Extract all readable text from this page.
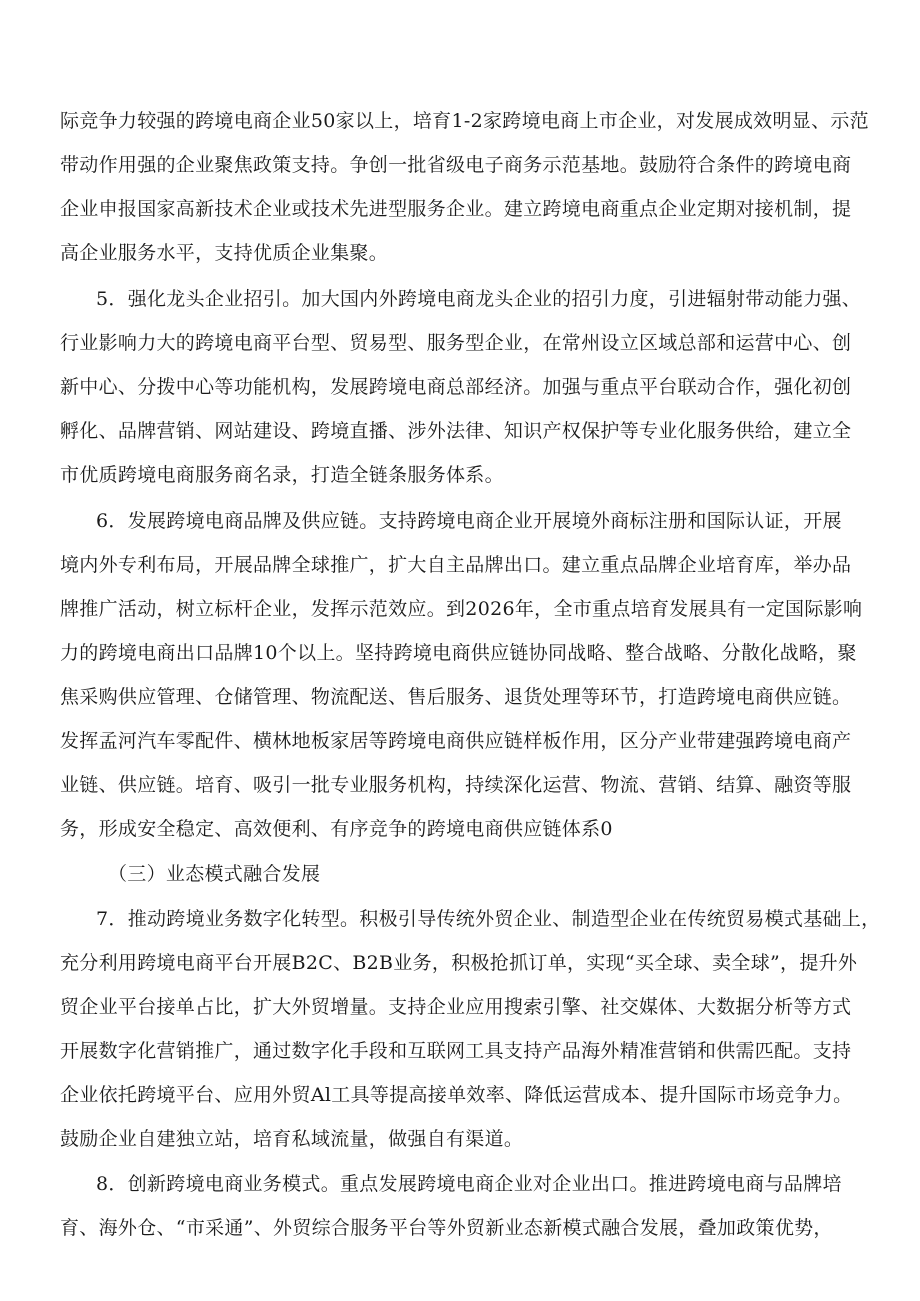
际竞争力较强的跨境电商企业50家以上，培育1-2家跨境电商上市企业，对发展成效明显、示范
带动作用强的企业聚焦政策支持。争创一批省级电子商务示范基地。鼓励符合条件的跨境电商
企业申报国家高新技术企业或技术先进型服务企业。建立跨境电商重点企业定期对接机制，提
高企业服务水平，支持优质企业集聚。
5．强化龙头企业招引。加大国内外跨境电商龙头企业的招引力度，引进辐射带动能力强、
行业影响力大的跨境电商平台型、贸易型、服务型企业，在常州设立区域总部和运营中心、创
新中心、分拨中心等功能机构，发展跨境电商总部经济。加强与重点平台联动合作，强化初创
孵化、品牌营销、网站建设、跨境直播、涉外法律、知识产权保护等专业化服务供给，建立全
市优质跨境电商服务商名录，打造全链条服务体系。
6．发展跨境电商品牌及供应链。支持跨境电商企业开展境外商标注册和国际认证，开展
境内外专利布局，开展品牌全球推广，扩大自主品牌出口。建立重点品牌企业培育库，举办品
牌推广活动，树立标杆企业，发挥示范效应。到2026年，全市重点培育发展具有一定国际影响
力的跨境电商出口品牌10个以上。坚持跨境电商供应链协同战略、整合战略、分散化战略，聚
焦采购供应管理、仓储管理、物流配送、售后服务、退货处理等环节，打造跨境电商供应链。
发挥孟河汽车零配件、横林地板家居等跨境电商供应链样板作用，区分产业带建强跨境电商产
业链、供应链。培育、吸引一批专业服务机构，持续深化运营、物流、营销、结算、融资等服
务，形成安全稳定、高效便利、有序竞争的跨境电商供应链体系0
（三）业态模式融合发展
7．推动跨境业务数字化转型。积极引导传统外贸企业、制造型企业在传统贸易模式基础上，
充分利用跨境电商平台开展B2C、B2B业务，积极抢抓订单，实现“买全球、卖全球”，提升外
贸企业平台接单占比，扩大外贸增量。支持企业应用搜索引擎、社交媒体、大数据分析等方式
开展数字化营销推广，通过数字化手段和互联网工具支持产品海外精准营销和供需匹配。支持
企业依托跨境平台、应用外贸Al工具等提高接单效率、降低运营成本、提升国际市场竞争力。
鼓励企业自建独立站，培育私域流量，做强自有渠道。
8．创新跨境电商业务模式。重点发展跨境电商企业对企业出口。推进跨境电商与品牌培
育、海外仓、“市采通”、外贸综合服务平台等外贸新业态新模式融合发展，叠加政策优势，
